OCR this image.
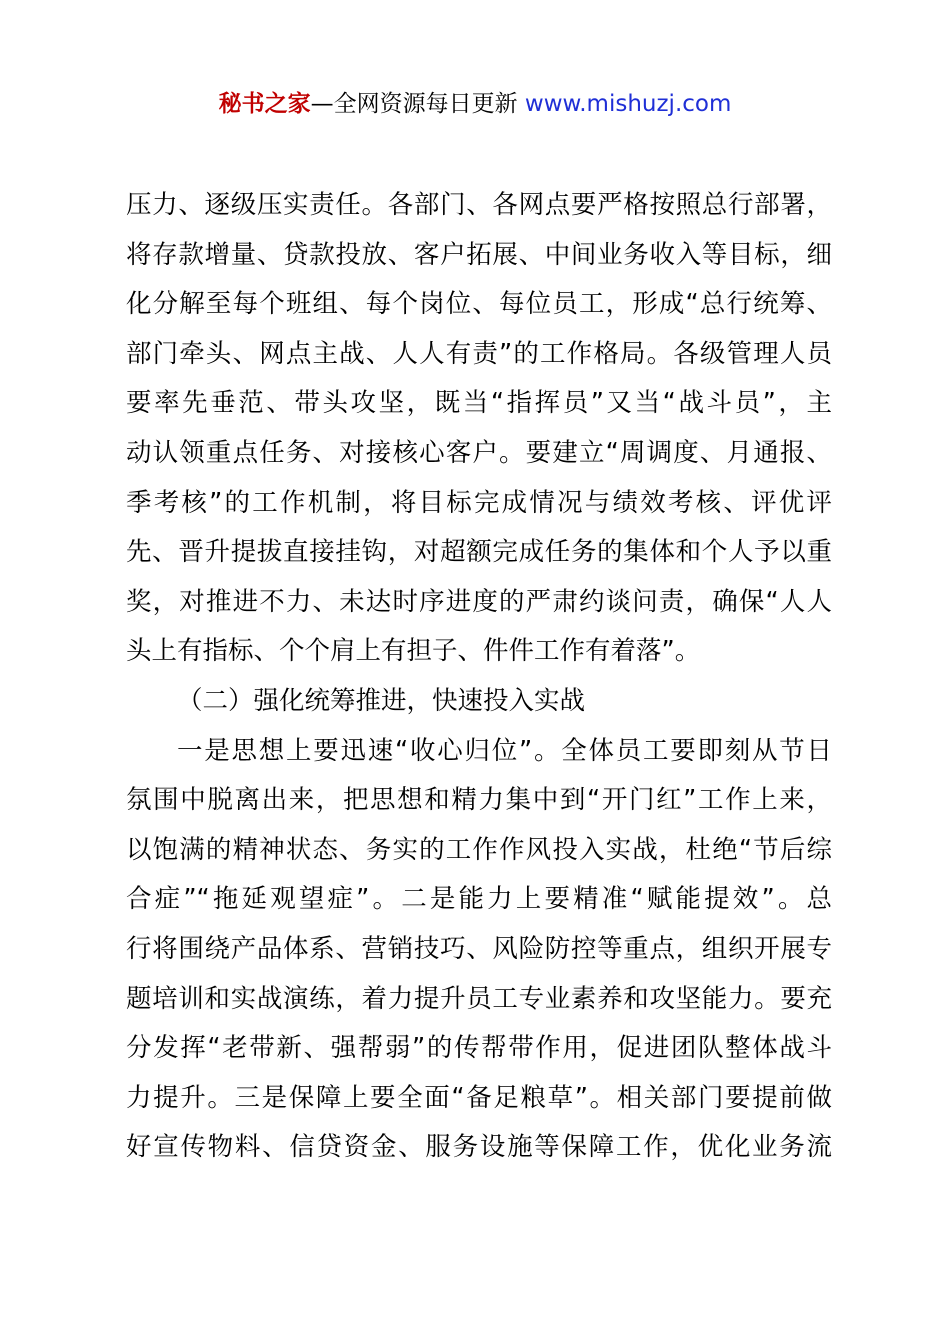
秘书之家—全网资源每日更新 www.mishuzj.com
压力、逐级压实责任。各部门、各网点要严格按照总行部署，
将存款增量、贷款投放、客户拓展、中间业务收入等目标，细
化分解至每个班组、每个岗位、每位员工，形成“总行统筹、
部门牵头、网点主战、人人有责”的工作格局。各级管理人员
要率先垂范、带头攻坚，既当“指挥员”又当“战斗员”，主
动认领重点任务、对接核心客户。要建立“周调度、月通报、
季考核”的工作机制，将目标完成情况与绩效考核、评优评
先、晋升提拔直接挂钩，对超额完成任务的集体和个人予以重
奖，对推进不力、未达时序进度的严肃约谈问责，确保“人人
头上有指标、个个肩上有担子、件件工作有着落”。
（二）强化统筹推进，快速投入实战
一是思想上要迅速“收心归位”。全体员工要即刻从节日
氛围中脱离出来，把思想和精力集中到“开门红”工作上来，
以饱满的精神状态、务实的工作作风投入实战，杜绝“节后综
合症”“拖延观望症”。二是能力上要精准“赋能提效”。总
行将围绕产品体系、营销技巧、风险防控等重点，组织开展专
题培训和实战演练，着力提升员工专业素养和攻坚能力。要充
分发挥“老带新、强帮弱”的传帮带作用，促进团队整体战斗
力提升。三是保障上要全面“备足粮草”。相关部门要提前做
好宣传物料、信贷资金、服务设施等保障工作，优化业务流
